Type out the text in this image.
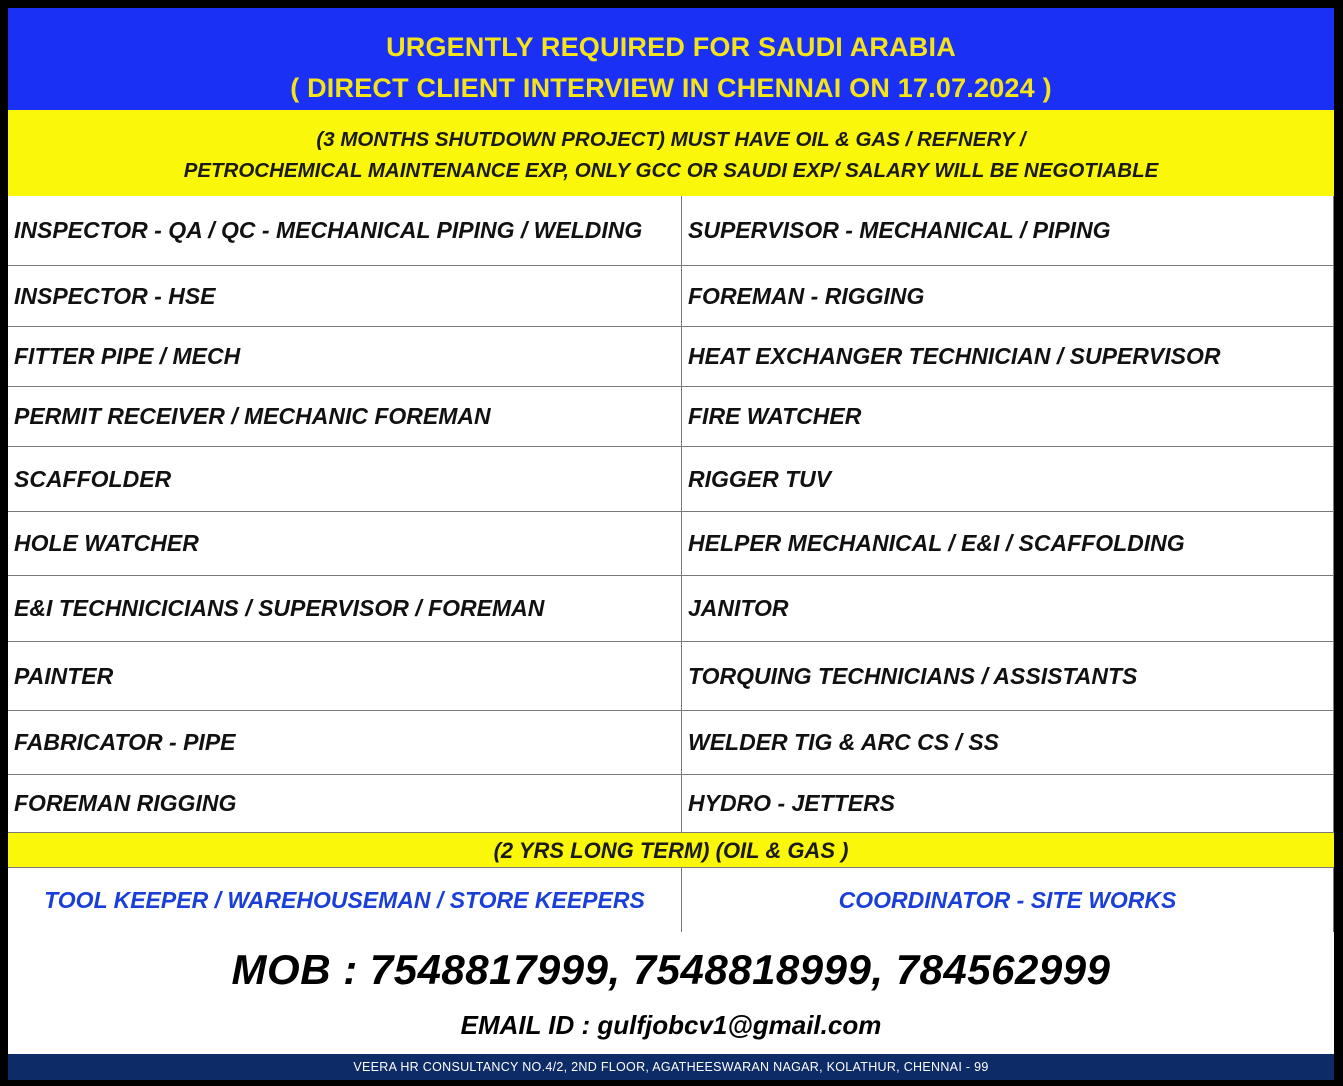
URGENTLY REQUIRED FOR SAUDI ARABIA
( DIRECT CLIENT INTERVIEW IN CHENNAI ON 17.07.2024 )
(3 MONTHS SHUTDOWN PROJECT) MUST HAVE OIL & GAS / REFNERY /
PETROCHEMICAL MAINTENANCE EXP, ONLY GCC OR SAUDI EXP/ SALARY WILL BE NEGOTIABLE
INSPECTOR - QA / QC - MECHANICAL PIPING / WELDING	SUPERVISOR - MECHANICAL / PIPING
INSPECTOR - HSE	FOREMAN - RIGGING
FITTER PIPE / MECH	HEAT EXCHANGER TECHNICIAN / SUPERVISOR
PERMIT RECEIVER / MECHANIC FOREMAN	FIRE WATCHER
SCAFFOLDER	RIGGER TUV
HOLE WATCHER	HELPER MECHANICAL / E&I / SCAFFOLDING
E&I TECHNICICIANS / SUPERVISOR / FOREMAN	JANITOR
PAINTER	TORQUING TECHNICIANS / ASSISTANTS
FABRICATOR - PIPE	WELDER TIG & ARC CS / SS
FOREMAN RIGGING	HYDRO - JETTERS
(2 YRS LONG TERM) (OIL & GAS )
TOOL KEEPER / WAREHOUSEMAN / STORE KEEPERS	COORDINATOR - SITE WORKS
MOB : 7548817999, 7548818999, 784562999
EMAIL ID : gulfjobcv1@gmail.com
VEERA HR CONSULTANCY NO.4/2, 2ND FLOOR, AGATHEESWARAN NAGAR, KOLATHUR, CHENNAI - 99
